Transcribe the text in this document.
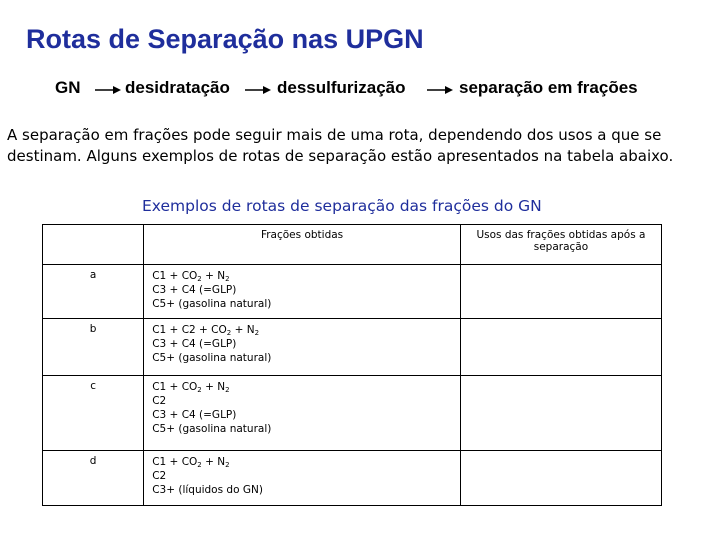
Rotas de Separação nas UPGN
GN	desidratação	dessulfurização	separação em frações
A separação em frações pode seguir mais de uma rota, dependendo dos usos a que se
destinam. Alguns exemplos de rotas de separação estão apresentados na tabela abaixo.
Exemplos de rotas de separação das frações do GN
	Frações obtidas	Usos das frações obtidas após a separação
a	$C1 + CO_2 + N_2$
C3 + C4 (=GLP)
C5+ (gasolina natural)	

b	$C1 + C2 + CO_2 + N_2$
C3 + C4 (=GLP)
C5+ (gasolina natural)	

c	$C1 + CO_2 + N_2$
C2
C3 + C4 (=GLP)
C5+ (gasolina natural)	

d	$C1 + CO_2 + N_2$
C2
C3+ (líquidos do GN)	
